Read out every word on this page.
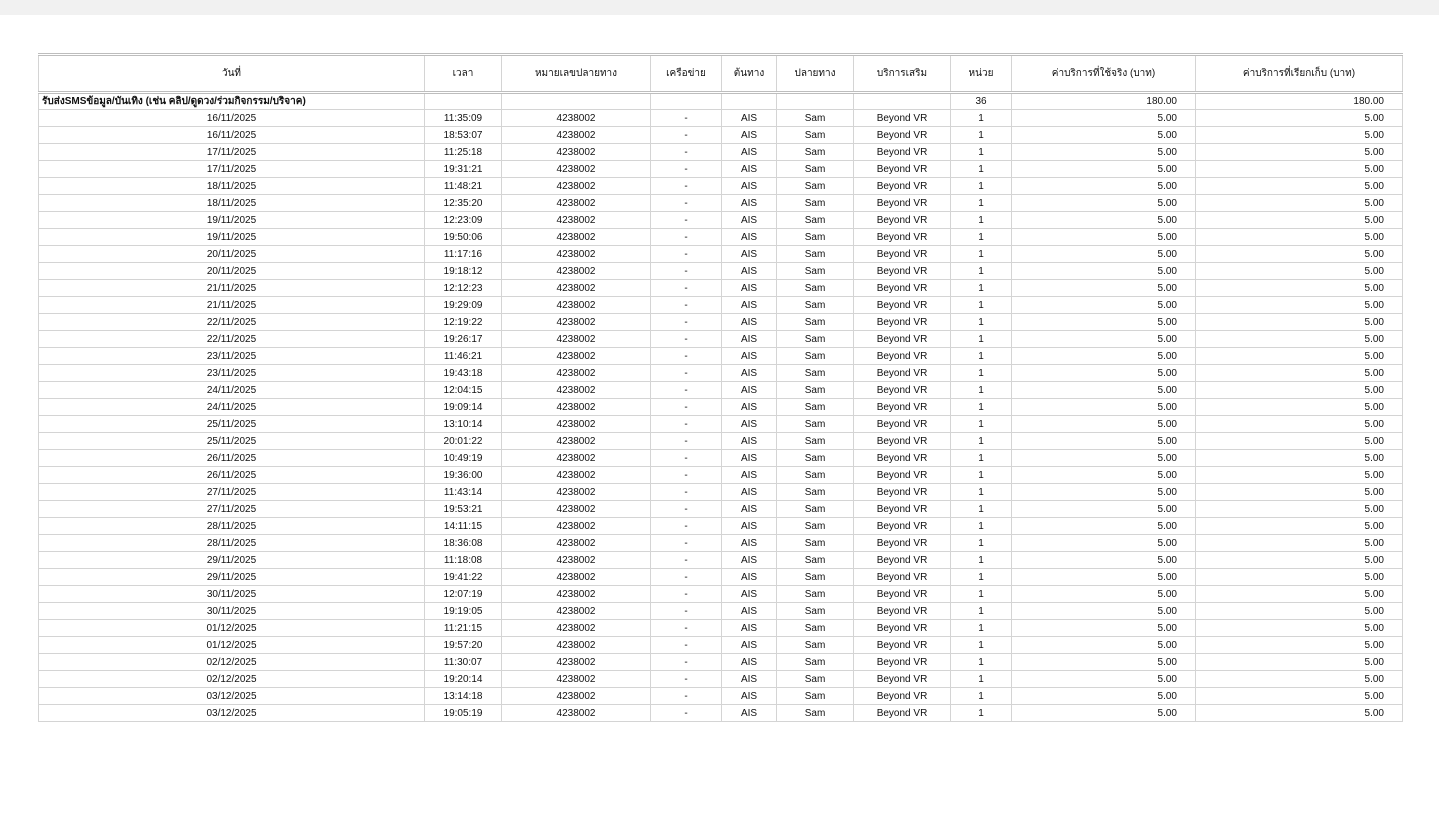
วันที่	เวลา	หมายเลขปลายทาง	เครือข่าย	ต้นทาง	ปลายทาง	บริการเสริม	หน่วย	ค่าบริการที่ใช้จริง (บาท)	ค่าบริการที่เรียกเก็บ (บาท)
รับส่งSMSข้อมูล/บันเทิง (เช่น คลิป/ดูดวง/ร่วมกิจกรรม/บริจาค)							36	180.00	180.00
16/11/2025	11:35:09	4238002	-	AIS	Sam	Beyond VR	1	5.00	5.00
16/11/2025	18:53:07	4238002	-	AIS	Sam	Beyond VR	1	5.00	5.00
17/11/2025	11:25:18	4238002	-	AIS	Sam	Beyond VR	1	5.00	5.00
17/11/2025	19:31:21	4238002	-	AIS	Sam	Beyond VR	1	5.00	5.00
18/11/2025	11:48:21	4238002	-	AIS	Sam	Beyond VR	1	5.00	5.00
18/11/2025	12:35:20	4238002	-	AIS	Sam	Beyond VR	1	5.00	5.00
19/11/2025	12:23:09	4238002	-	AIS	Sam	Beyond VR	1	5.00	5.00
19/11/2025	19:50:06	4238002	-	AIS	Sam	Beyond VR	1	5.00	5.00
20/11/2025	11:17:16	4238002	-	AIS	Sam	Beyond VR	1	5.00	5.00
20/11/2025	19:18:12	4238002	-	AIS	Sam	Beyond VR	1	5.00	5.00
21/11/2025	12:12:23	4238002	-	AIS	Sam	Beyond VR	1	5.00	5.00
21/11/2025	19:29:09	4238002	-	AIS	Sam	Beyond VR	1	5.00	5.00
22/11/2025	12:19:22	4238002	-	AIS	Sam	Beyond VR	1	5.00	5.00
22/11/2025	19:26:17	4238002	-	AIS	Sam	Beyond VR	1	5.00	5.00
23/11/2025	11:46:21	4238002	-	AIS	Sam	Beyond VR	1	5.00	5.00
23/11/2025	19:43:18	4238002	-	AIS	Sam	Beyond VR	1	5.00	5.00
24/11/2025	12:04:15	4238002	-	AIS	Sam	Beyond VR	1	5.00	5.00
24/11/2025	19:09:14	4238002	-	AIS	Sam	Beyond VR	1	5.00	5.00
25/11/2025	13:10:14	4238002	-	AIS	Sam	Beyond VR	1	5.00	5.00
25/11/2025	20:01:22	4238002	-	AIS	Sam	Beyond VR	1	5.00	5.00
26/11/2025	10:49:19	4238002	-	AIS	Sam	Beyond VR	1	5.00	5.00
26/11/2025	19:36:00	4238002	-	AIS	Sam	Beyond VR	1	5.00	5.00
27/11/2025	11:43:14	4238002	-	AIS	Sam	Beyond VR	1	5.00	5.00
27/11/2025	19:53:21	4238002	-	AIS	Sam	Beyond VR	1	5.00	5.00
28/11/2025	14:11:15	4238002	-	AIS	Sam	Beyond VR	1	5.00	5.00
28/11/2025	18:36:08	4238002	-	AIS	Sam	Beyond VR	1	5.00	5.00
29/11/2025	11:18:08	4238002	-	AIS	Sam	Beyond VR	1	5.00	5.00
29/11/2025	19:41:22	4238002	-	AIS	Sam	Beyond VR	1	5.00	5.00
30/11/2025	12:07:19	4238002	-	AIS	Sam	Beyond VR	1	5.00	5.00
30/11/2025	19:19:05	4238002	-	AIS	Sam	Beyond VR	1	5.00	5.00
01/12/2025	11:21:15	4238002	-	AIS	Sam	Beyond VR	1	5.00	5.00
01/12/2025	19:57:20	4238002	-	AIS	Sam	Beyond VR	1	5.00	5.00
02/12/2025	11:30:07	4238002	-	AIS	Sam	Beyond VR	1	5.00	5.00
02/12/2025	19:20:14	4238002	-	AIS	Sam	Beyond VR	1	5.00	5.00
03/12/2025	13:14:18	4238002	-	AIS	Sam	Beyond VR	1	5.00	5.00
03/12/2025	19:05:19	4238002	-	AIS	Sam	Beyond VR	1	5.00	5.00
